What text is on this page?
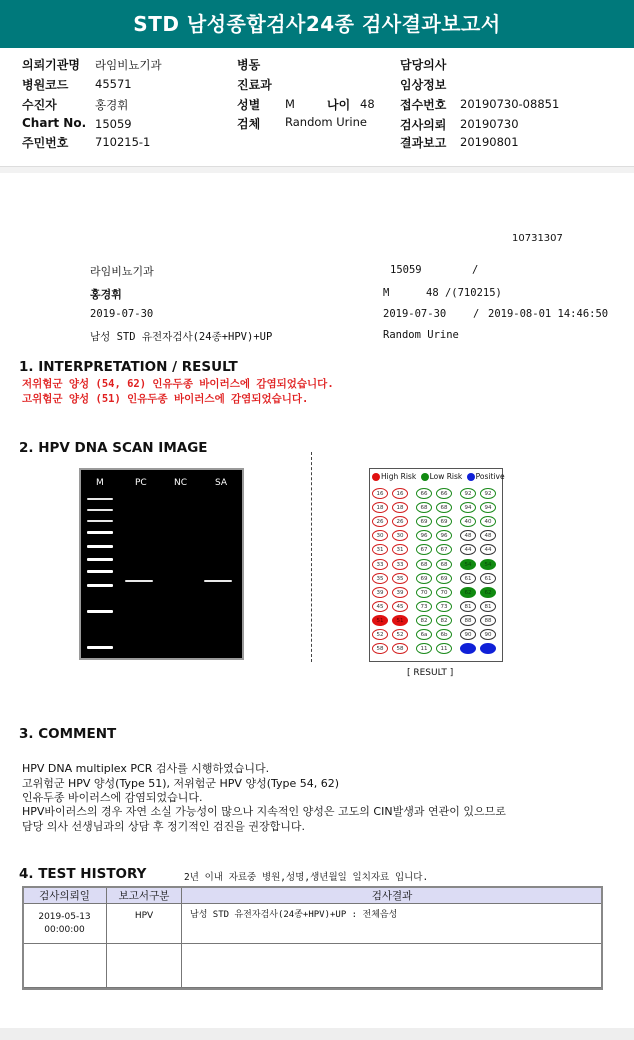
STD 남성종합검사24종 검사결과보고서
의뢰기관명 라임비뇨기과	병동	담당의사
병원코드 45571	진료과	임상정보
수진자	홍경휘	성별 M	나이 48 접수번호 20190730-08851
Chart No. 15059	검체 Random Urine	검사의뢰 20190730
주민번호 710215-1	결과보고 20190801
10731307
라임비뇨기과	15059	/
홍경휘	M	48 /(710215)
2019-07-30	2019-07-30	/ 2019-08-01 14:46:50
남성 STD 유전자검사(24종+HPV)+UP	Random Urine
1. INTERPRETATION / RESULT
저위험군 양성 (54, 62) 인유두종 바이러스에 감염되었습니다.
고위험군 양성 (51) 인유두종 바이러스에 감염되었습니다.
2. HPV DNA SCAN IMAGE
M	PC	NC	SA
High Risk Low Risk Positive
16	16	66	66	92	92
18	18	68	68	94	94
26	26	69	69	40	40
30	30	96	96	48	48
31	31	67	67	44	44
33	33	68	68	54	54
35	35	69	69	61	61
39	39	70	70	62	62
45	45	73	73	81	81
51	51	82	82	88	88
52	52	6a	6b	90	90
58	58	11	11
[ RESULT ]
3. COMMENT
HPV DNA multiplex PCR 검사를 시행하였습니다.
고위험군 HPV 양성(Type 51), 저위험군 HPV 양성(Type 54, 62)
인유두종 바이러스에 감염되었습니다.
HPV바이러스의 경우 자연 소실 가능성이 많으나 지속적인 양성은 고도의 CIN발생과 연관이 있으므로
담당 의사 선생님과의 상담 후 정기적인 검진을 권장합니다.
4. TEST HISTORY	2년 이내 자료중 병원,성명,생년월일 일치자료 입니다.
검사의뢰일	보고서구분	검사결과

2019-05-13
00:00:00	HPV	남성 STD 유전자검사(24종+HPV)+UP : 전체음성
